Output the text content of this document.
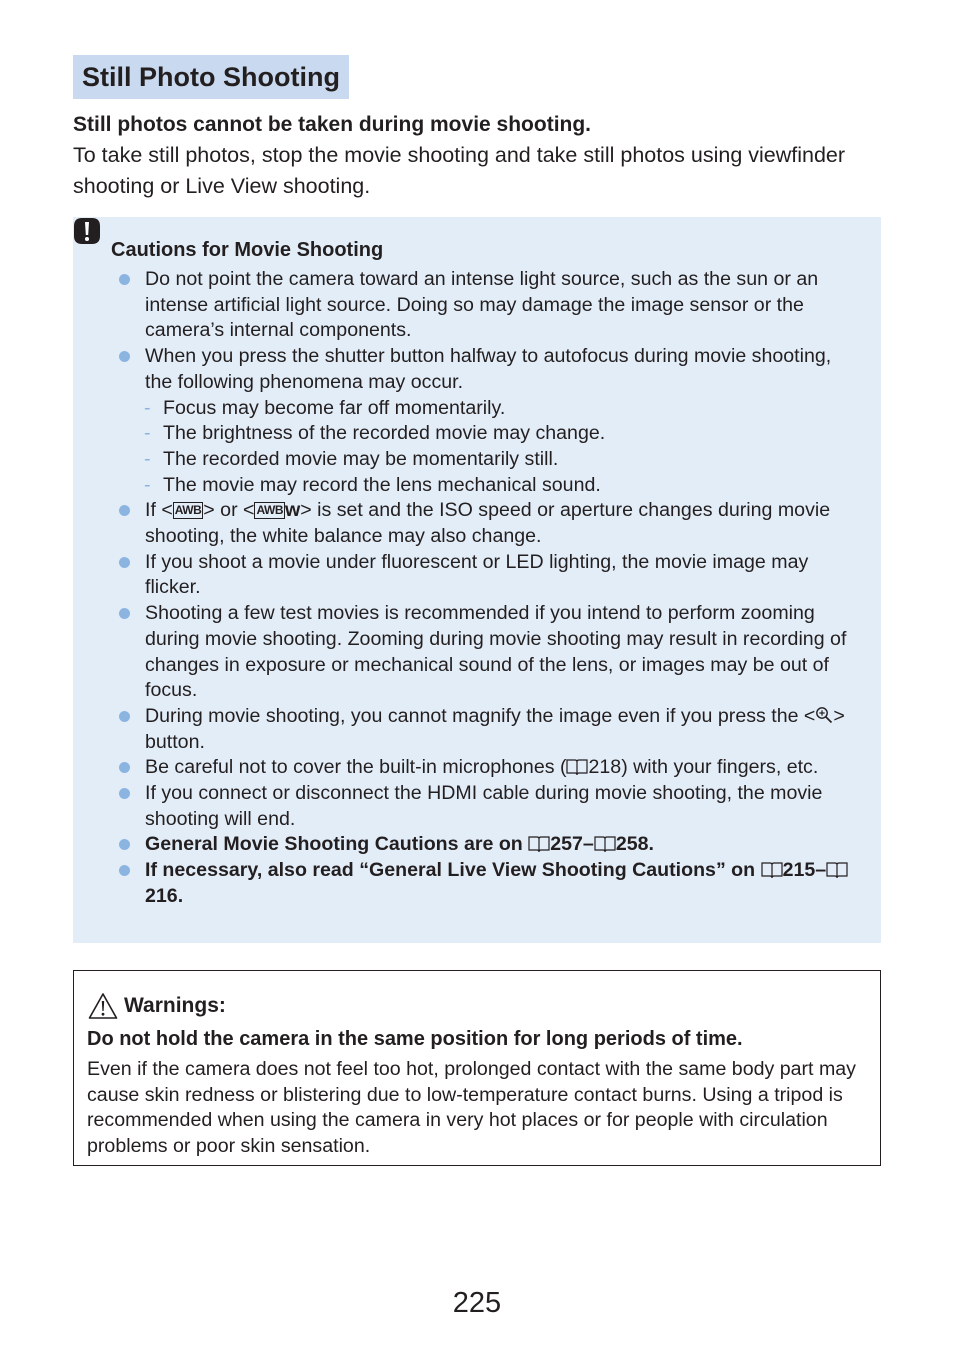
Still Photo Shooting

Still photos cannot be taken during movie shooting.

To take still photos, stop the movie shooting and take still photos using viewfinder shooting or Live View shooting.

Cautions for Movie Shooting
Do not point the camera toward an intense light source, such as the sun or an intense artificial light source. Doing so may damage the image sensor or the camera’s internal components.
When you press the shutter button halfway to autofocus during movie shooting, the following phenomena may occur.
- Focus may become far off momentarily.
- The brightness of the recorded movie may change.
- The recorded movie may be momentarily still.
- The movie may record the lens mechanical sound.
If < AWB > or < AWB w> is set and the ISO speed or aperture changes during movie shooting, the white balance may also change.
If you shoot a movie under fluorescent or LED lighting, the movie image may flicker.
Shooting a few test movies is recommended if you intend to perform zooming during movie shooting. Zooming during movie shooting may result in recording of changes in exposure or mechanical sound of the lens, or images may be out of focus.
During movie shooting, you cannot magnify the image even if you press the < > button.
Be careful not to cover the built-in microphones ( 218) with your fingers, etc.
If you connect or disconnect the HDMI cable during movie shooting, the movie shooting will end.
General Movie Shooting Cautions are on 257– 258.
If necessary, also read “General Live View Shooting Cautions” on 215–216.
Warnings:

Do not hold the camera in the same position for long periods of time.

Even if the camera does not feel too hot, prolonged contact with the same body part may cause skin redness or blistering due to low-temperature contact burns. Using a tripod is recommended when using the camera in very hot places or for people with circulation problems or poor skin sensation.

225
